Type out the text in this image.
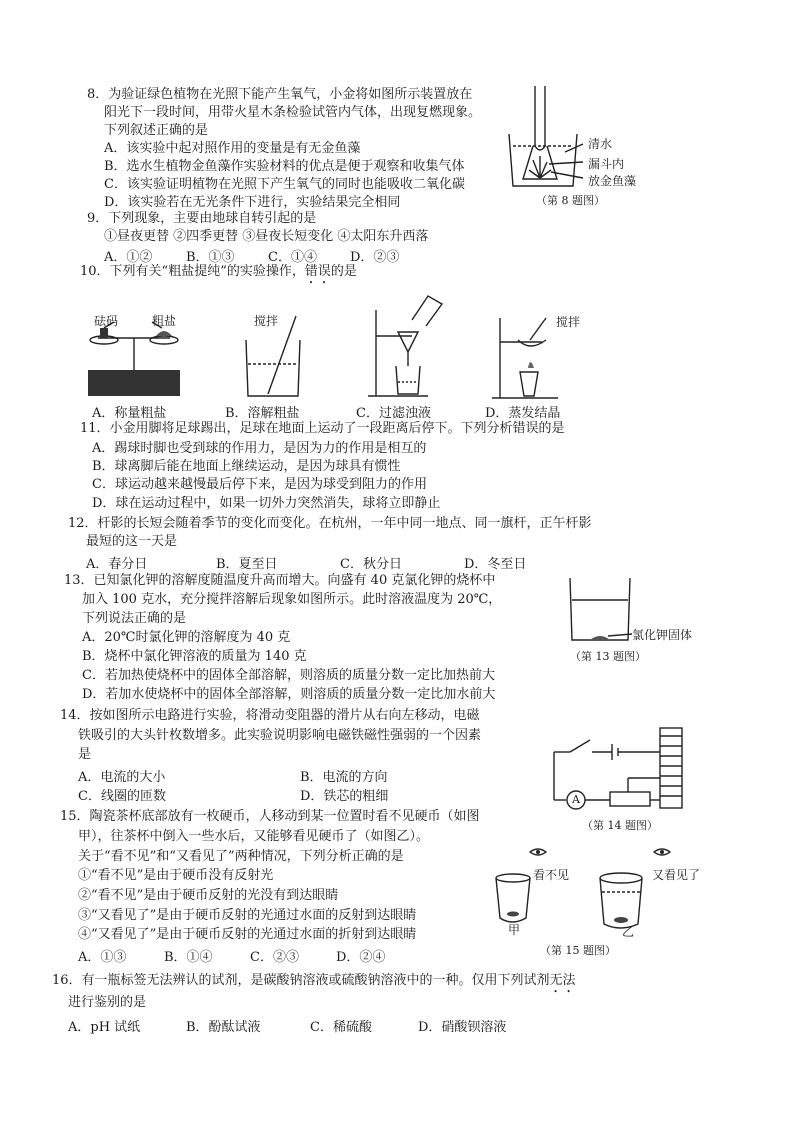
8．为验证绿色植物在光照下能产生氧气，小金将如图所示装置放在
阳光下一段时间，用带火星木条检验试管内气体，出现复燃现象。
下列叙述正确的是
A．该实验中起对照作用的变量是有无金鱼藻
B．选水生植物金鱼藻作实验材料的优点是便于观察和收集气体
C．该实验证明植物在光照下产生氧气的同时也能吸收二氧化碳
D．该实验若在无光条件下进行，实验结果完全相同
清水
漏斗内
放金鱼藻
（第 8 题图）
9．下列现象，主要由地球自转引起的是
①昼夜更替 ②四季更替 ③昼夜长短变化 ④太阳东升西落
A．①②	B．①③	C．①④	D．②③
10．下列有关“粗盐提纯”的实验操作，错误的是
砝码	粗盐	搅拌	搅拌
A．称量粗盐	B．溶解粗盐	C．过滤浊液	D．蒸发结晶
11．小金用脚将足球踢出，足球在地面上运动了一段距离后停下。下列分析错误的是
A．踢球时脚也受到球的作用力，是因为力的作用是相互的
B．球离脚后能在地面上继续运动，是因为球具有惯性
C．球运动越来越慢最后停下来，是因为球受到阻力的作用
D．球在运动过程中，如果一切外力突然消失，球将立即静止
12．杆影的长短会随着季节的变化而变化。在杭州，一年中同一地点、同一旗杆，正午杆影
最短的这一天是
A．春分日	B．夏至日	C．秋分日	D．冬至日
13．已知氯化钾的溶解度随温度升高而增大。向盛有 40 克氯化钾的烧杯中
加入 100 克水，充分搅拌溶解后现象如图所示。此时溶液温度为 20℃，
下列说法正确的是
A．20℃时氯化钾的溶解度为 40 克
B．烧杯中氯化钾溶液的质量为 140 克
C．若加热使烧杯中的固体全部溶解，则溶质的质量分数一定比加热前大
D．若加水使烧杯中的固体全部溶解，则溶质的质量分数一定比加水前大
氯化钾固体
（第 13 题图）
14．按如图所示电路进行实验，将滑动变阻器的滑片从右向左移动，电磁
铁吸引的大头针枚数增多。此实验说明影响电磁铁磁性强弱的一个因素
是
A．电流的大小	B．电流的方向
C．线圈的匝数	D．铁芯的粗细	A
（第 14 题图）
15．陶瓷茶杯底部放有一枚硬币，人移动到某一位置时看不见硬币（如图
甲），往茶杯中倒入一些水后，又能够看见硬币了（如图乙）。
关于“看不见”和“又看见了”两种情况，下列分析正确的是
①“看不见”是由于硬币没有反射光
②“看不见”是由于硬币反射的光没有到达眼睛
③“又看见了”是由于硬币反射的光通过水面的反射到达眼睛
④“又看见了”是由于硬币反射的光通过水面的折射到达眼睛
A．①③	B．①④	C．②③	D．②④
看不见	又看见了
甲	乙
（第 15 题图）
16．有一瓶标签无法辨认的试剂，是碳酸钠溶液或硫酸钠溶液中的一种。仅用下列试剂无法
进行鉴别的是
A．pH 试纸	B．酚酞试液	C．稀硫酸	D．硝酸钡溶液
